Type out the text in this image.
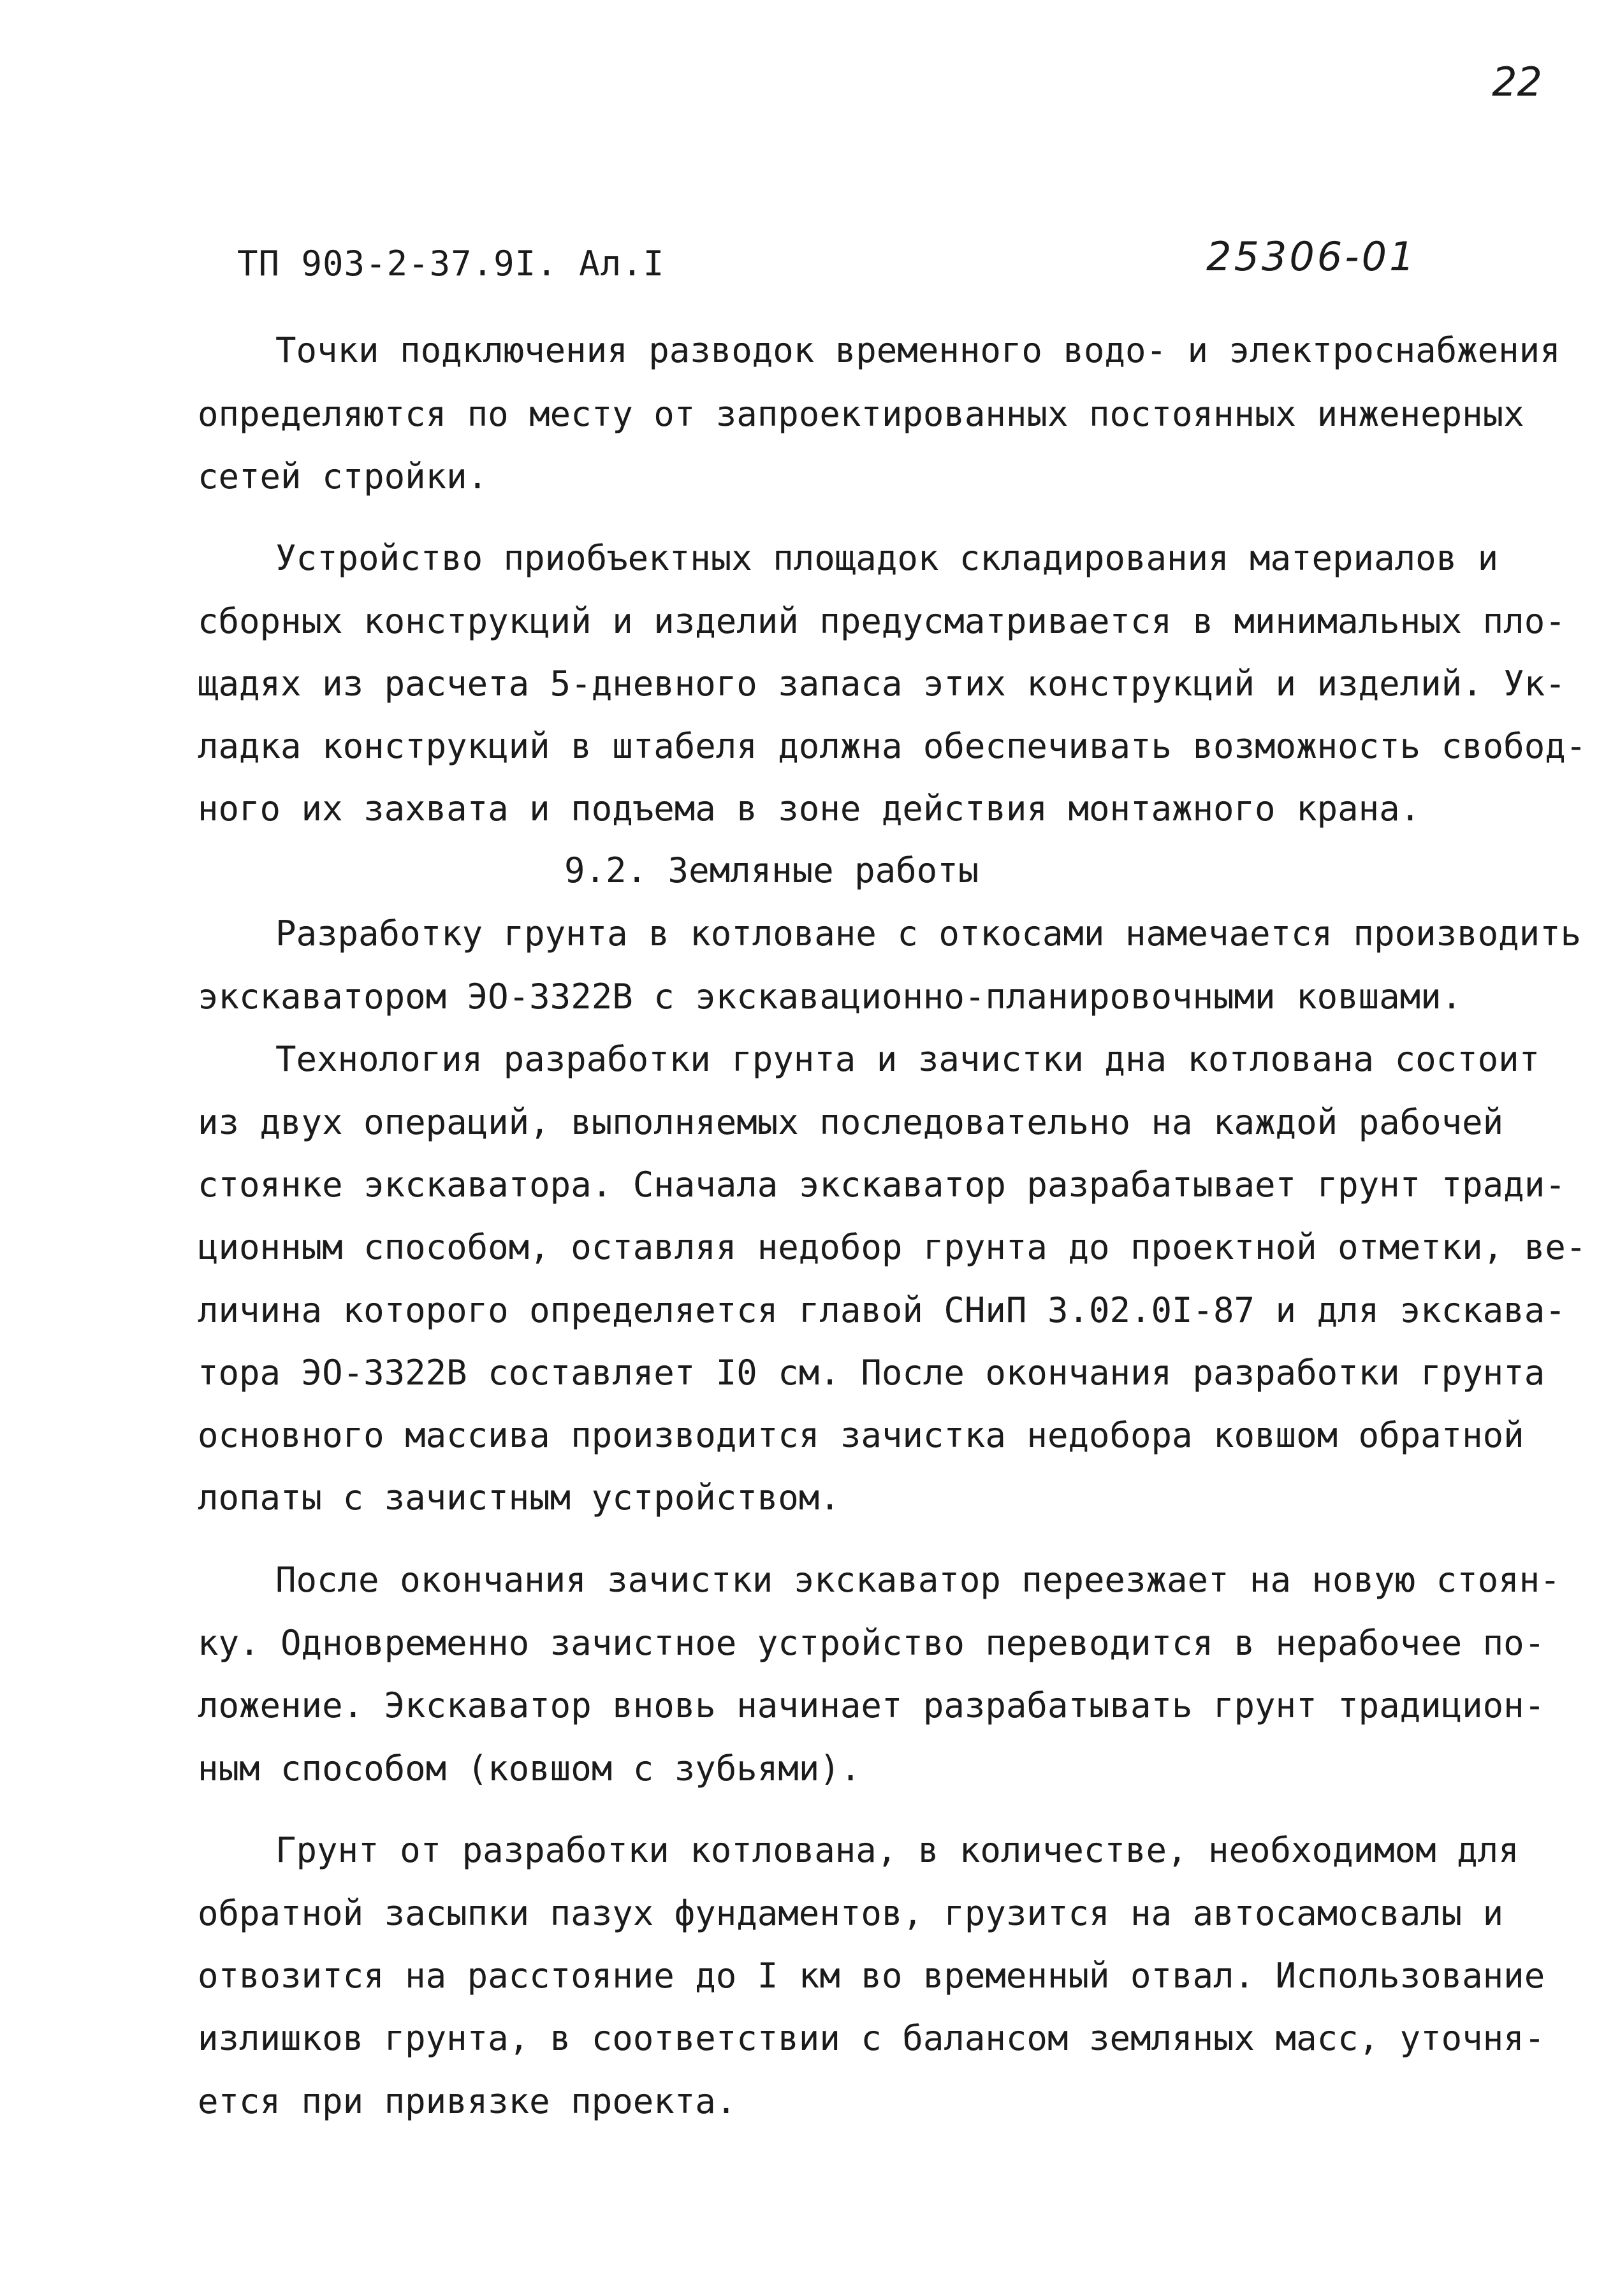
22
ТП 903-2-37.9I. Ал.I	25306-01
Точки подключения разводок временного водо- и электроснабжения
определяются по месту от запроектированных постоянных инженерных
сетей стройки.
Устройство приобъектных площадок складирования материалов и
сборных конструкций и изделий предусматривается в минимальных пло-
щадях из расчета 5-дневного запаса этих конструкций и изделий. Ук-
ладка конструкций в штабеля должна обеспечивать возможность свобод-
ного их захвата и подъема в зоне действия монтажного крана.
9.2. Земляные работы
Разработку грунта в котловане с откосами намечается производить
экскаватором ЭО-3322В с экскавационно-планировочными ковшами.
Технология разработки грунта и зачистки дна котлована состоит
из двух операций, выполняемых последовательно на каждой рабочей
стоянке экскаватора. Сначала экскаватор разрабатывает грунт тради-
ционным способом, оставляя недобор грунта до проектной отметки, ве-
личина которого определяется главой СНиП 3.02.0I-87 и для экскава-
тора ЭО-3322В составляет I0 см. После окончания разработки грунта
основного массива производится зачистка недобора ковшом обратной
лопаты с зачистным устройством.
После окончания зачистки экскаватор переезжает на новую стоян-
ку. Одновременно зачистное устройство переводится в нерабочее по-
ложение. Экскаватор вновь начинает разрабатывать грунт традицион-
ным способом (ковшом с зубьями).
Грунт от разработки котлована, в количестве, необходимом для
обратной засыпки пазух фундаментов, грузится на автосамосвалы и
отвозится на расстояние до I км во временный отвал. Использование
излишков грунта, в соответствии с балансом земляных масс, уточня-
ется при привязке проекта.
